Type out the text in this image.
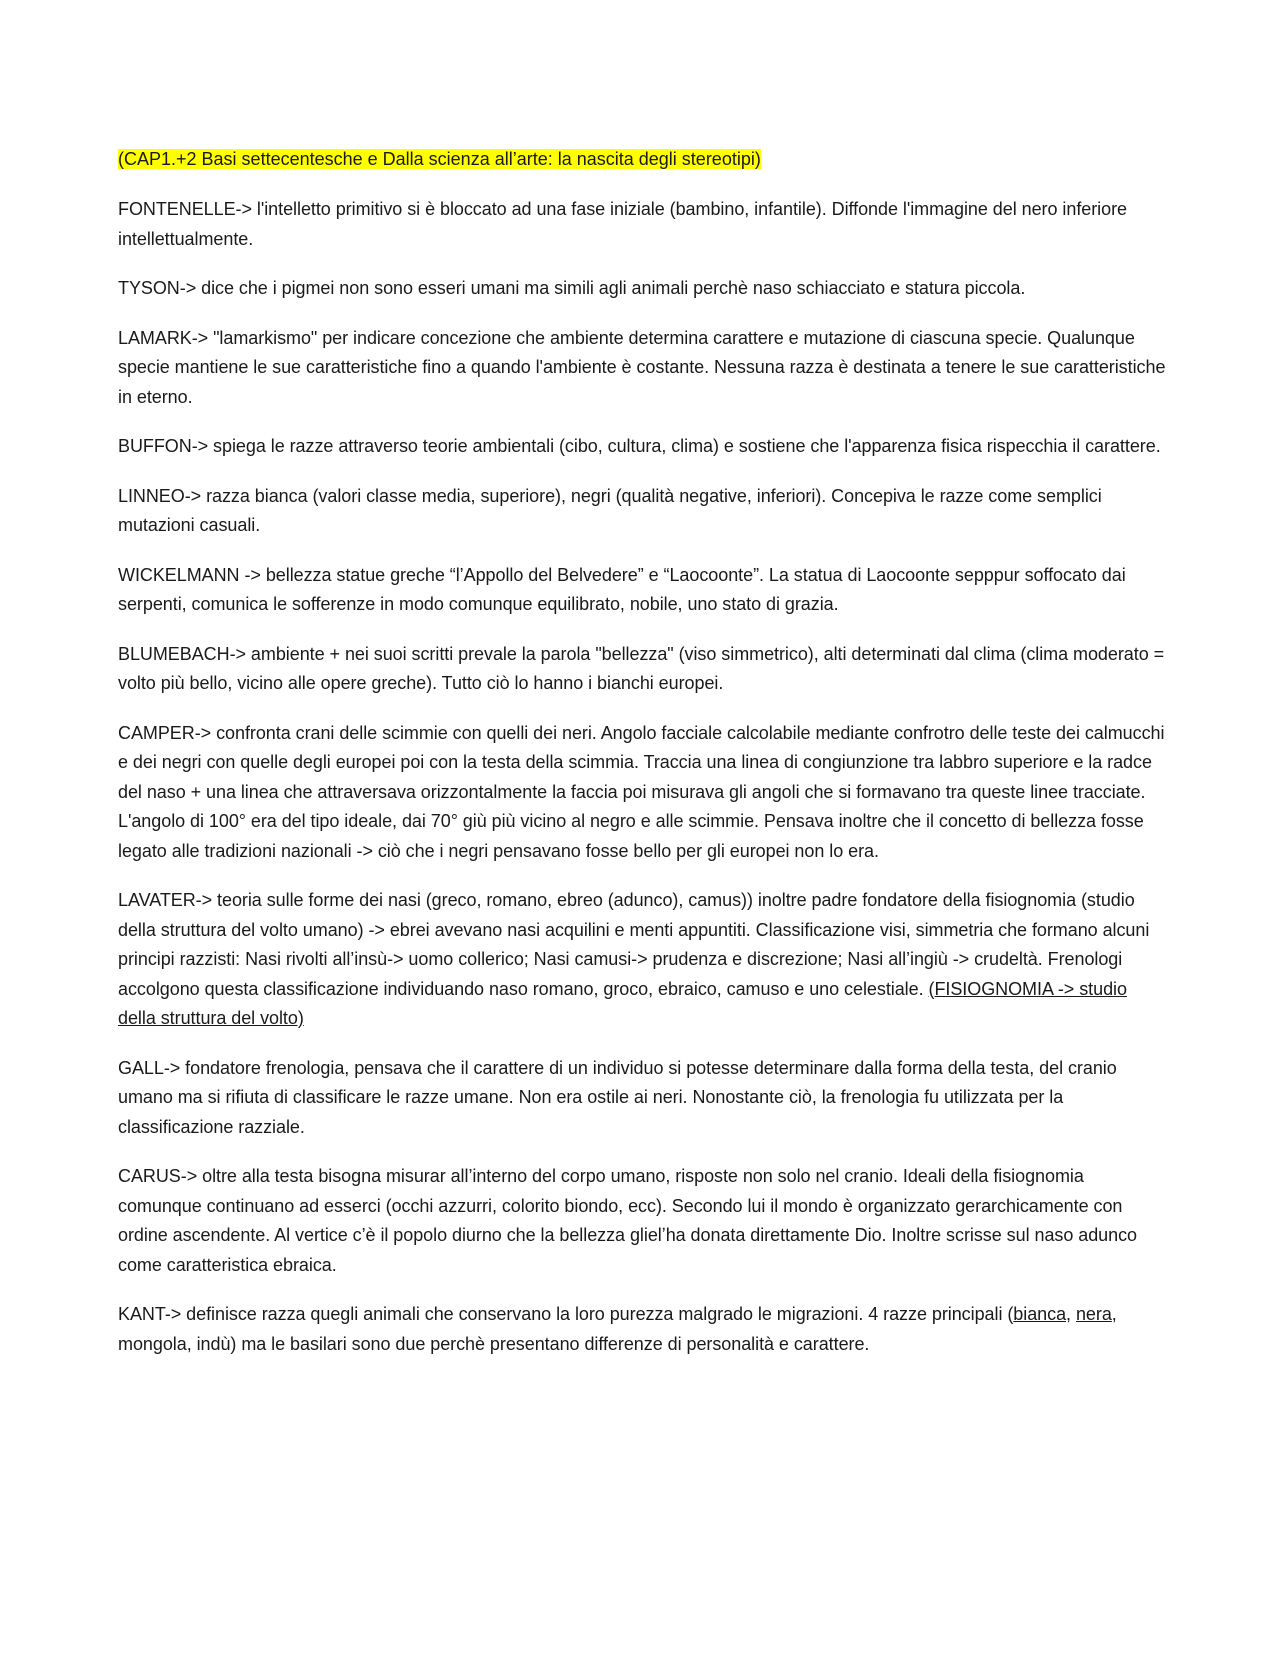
(CAP1.+2 Basi settecentesche e Dalla scienza all’arte: la nascita degli stereotipi)

FONTENELLE-> l'intelletto primitivo si è bloccato ad una fase iniziale (bambino, infantile). Diffonde l'immagine del nero inferiore intellettualmente.

TYSON-> dice che i pigmei non sono esseri umani ma simili agli animali perchè naso schiacciato e statura piccola.

LAMARK-> "lamarkismo" per indicare concezione che ambiente determina carattere e mutazione di ciascuna specie. Qualunque specie mantiene le sue caratteristiche fino a quando l'ambiente è costante. Nessuna razza è destinata a tenere le sue caratteristiche in eterno.

BUFFON-> spiega le razze attraverso teorie ambientali (cibo, cultura, clima) e sostiene che l'apparenza fisica rispecchia il carattere.

LINNEO-> razza bianca (valori classe media, superiore), negri (qualità negative, inferiori). Concepiva le razze come semplici mutazioni casuali.

WICKELMANN -> bellezza statue greche “l’Appollo del Belvedere” e “Laocoonte”. La statua di Laocoonte sepppur soffocato dai serpenti, comunica le sofferenze in modo comunque equilibrato, nobile, uno stato di grazia.

BLUMEBACH-> ambiente + nei suoi scritti prevale la parola "bellezza" (viso simmetrico), alti determinati dal clima (clima moderato = volto più bello, vicino alle opere greche). Tutto ciò lo hanno i bianchi europei.

CAMPER-> confronta crani delle scimmie con quelli dei neri. Angolo facciale calcolabile mediante confrotro delle teste dei calmucchi e dei negri con quelle degli europei poi con la testa della scimmia. Traccia una linea di congiunzione tra labbro superiore e la radce del naso + una linea che attraversava orizzontalmente la faccia poi misurava gli angoli che si formavano tra queste linee tracciate. L'angolo di 100° era del tipo ideale, dai 70° giù più vicino al negro e alle scimmie. Pensava inoltre che il concetto di bellezza fosse legato alle tradizioni nazionali -> ciò che i negri pensavano fosse bello per gli europei non lo era.

LAVATER-> teoria sulle forme dei nasi (greco, romano, ebreo (adunco), camus)) inoltre padre fondatore della fisiognomia (studio della struttura del volto umano) -> ebrei avevano nasi acquilini e menti appuntiti. Classificazione visi, simmetria che formano alcuni principi razzisti: Nasi rivolti all’insù-> uomo collerico; Nasi camusi-> prudenza e discrezione; Nasi all’ingiù -> crudeltà. Frenologi accolgono questa classificazione individuando naso romano, groco, ebraico, camuso e uno celestiale. (FISIOGNOMIA -> studio della struttura del volto)

GALL-> fondatore frenologia, pensava che il carattere di un individuo si potesse determinare dalla forma della testa, del cranio umano ma si rifiuta di classificare le razze umane. Non era ostile ai neri. Nonostante ciò, la frenologia fu utilizzata per la classificazione razziale.

CARUS-> oltre alla testa bisogna misurar all’interno del corpo umano, risposte non solo nel cranio. Ideali della fisiognomia comunque continuano ad esserci (occhi azzurri, colorito biondo, ecc). Secondo lui il mondo è organizzato gerarchicamente con ordine ascendente. Al vertice c’è il popolo diurno che la bellezza glielʼha donata direttamente Dio. Inoltre scrisse sul naso adunco come caratteristica ebraica.

KANT-> definisce razza quegli animali che conservano la loro purezza malgrado le migrazioni. 4 razze principali (bianca, nera, mongola, indù) ma le basilari sono due perchè presentano differenze di personalità e carattere.
